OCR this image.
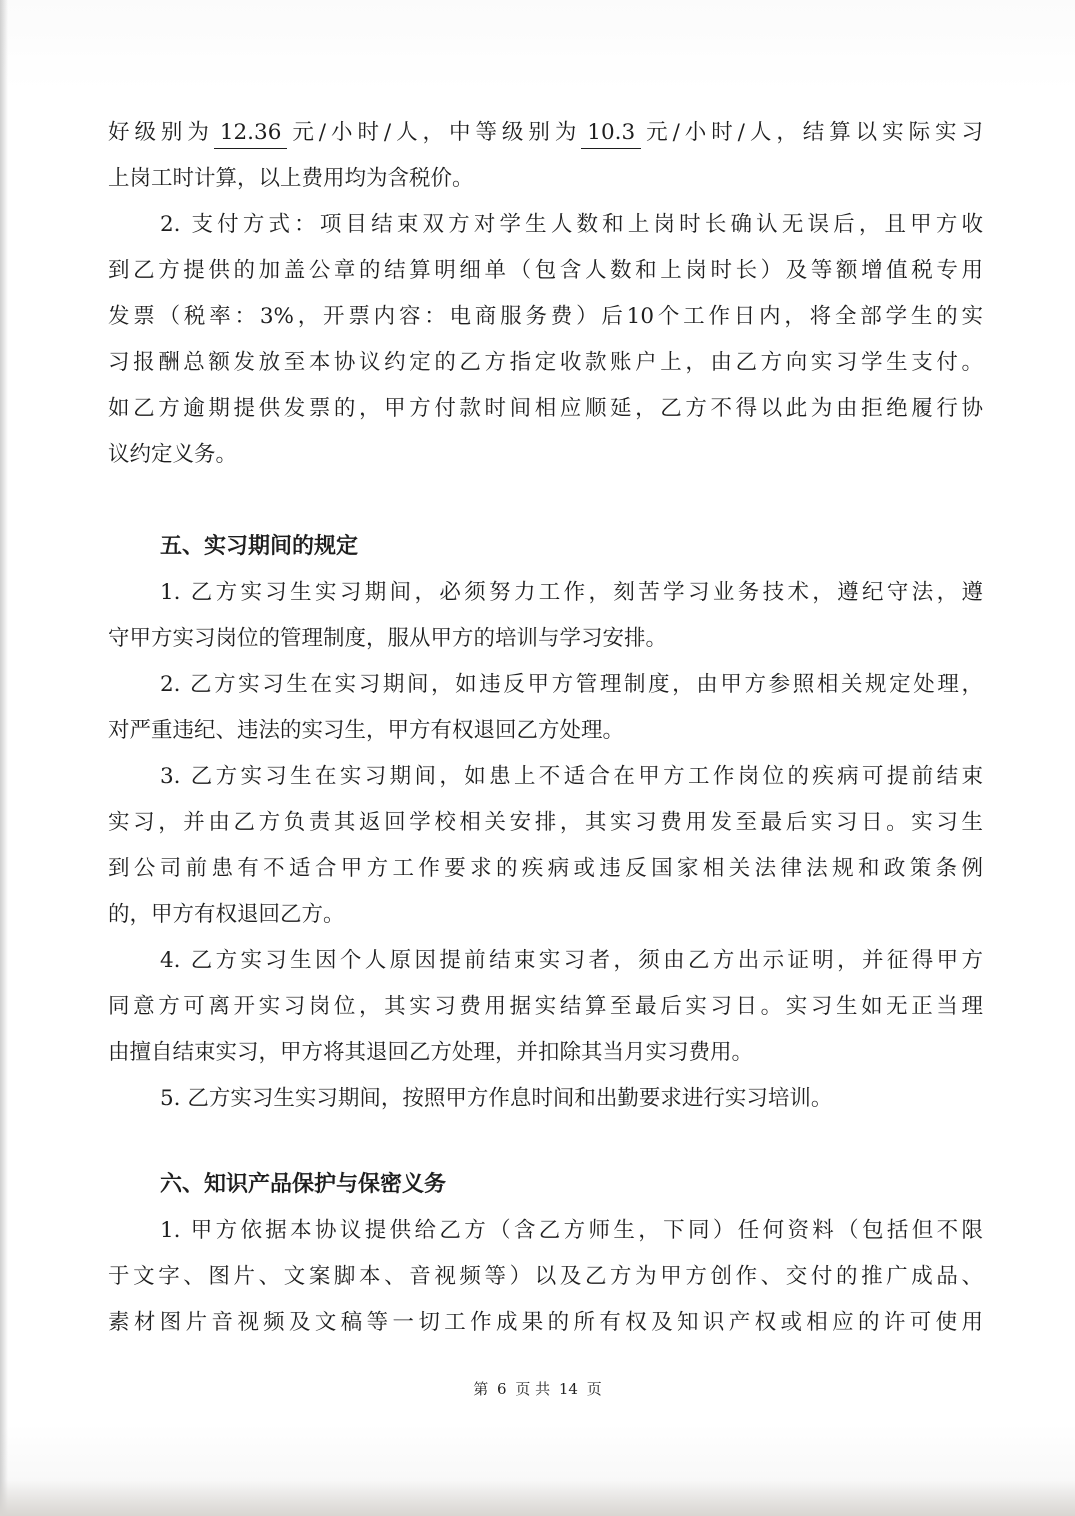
好级别为 12.36 元/小时/人，中等级别为 10.3 元/小时/人，结算以实际实习
上岗工时计算，以上费用均为含税价。
2. 支付方式：项目结束双方对学生人数和上岗时长确认无误后，且甲方收
到乙方提供的加盖公章的结算明细单（包含人数和上岗时长）及等额增值税专用
发票（税率：3%，开票内容：电商服务费）后10个工作日内，将全部学生的实
习报酬总额发放至本协议约定的乙方指定收款账户上，由乙方向实习学生支付。
如乙方逾期提供发票的，甲方付款时间相应顺延，乙方不得以此为由拒绝履行协
议约定义务。
五、实习期间的规定
1. 乙方实习生实习期间，必须努力工作，刻苦学习业务技术，遵纪守法，遵
守甲方实习岗位的管理制度，服从甲方的培训与学习安排。
2. 乙方实习生在实习期间，如违反甲方管理制度，由甲方参照相关规定处理，
对严重违纪、违法的实习生，甲方有权退回乙方处理。
3. 乙方实习生在实习期间，如患上不适合在甲方工作岗位的疾病可提前结束
实习，并由乙方负责其返回学校相关安排，其实习费用发至最后实习日。实习生
到公司前患有不适合甲方工作要求的疾病或违反国家相关法律法规和政策条例
的，甲方有权退回乙方。
4. 乙方实习生因个人原因提前结束实习者，须由乙方出示证明，并征得甲方
同意方可离开实习岗位，其实习费用据实结算至最后实习日。实习生如无正当理
由擅自结束实习，甲方将其退回乙方处理，并扣除其当月实习费用。
5. 乙方实习生实习期间，按照甲方作息时间和出勤要求进行实习培训。
六、知识产品保护与保密义务
1. 甲方依据本协议提供给乙方（含乙方师生，下同）任何资料（包括但不限
于文字、图片、文案脚本、音视频等）以及乙方为甲方创作、交付的推广成品、
素材图片音视频及文稿等一切工作成果的所有权及知识产权或相应的许可使用
第 6 页 共 14 页
